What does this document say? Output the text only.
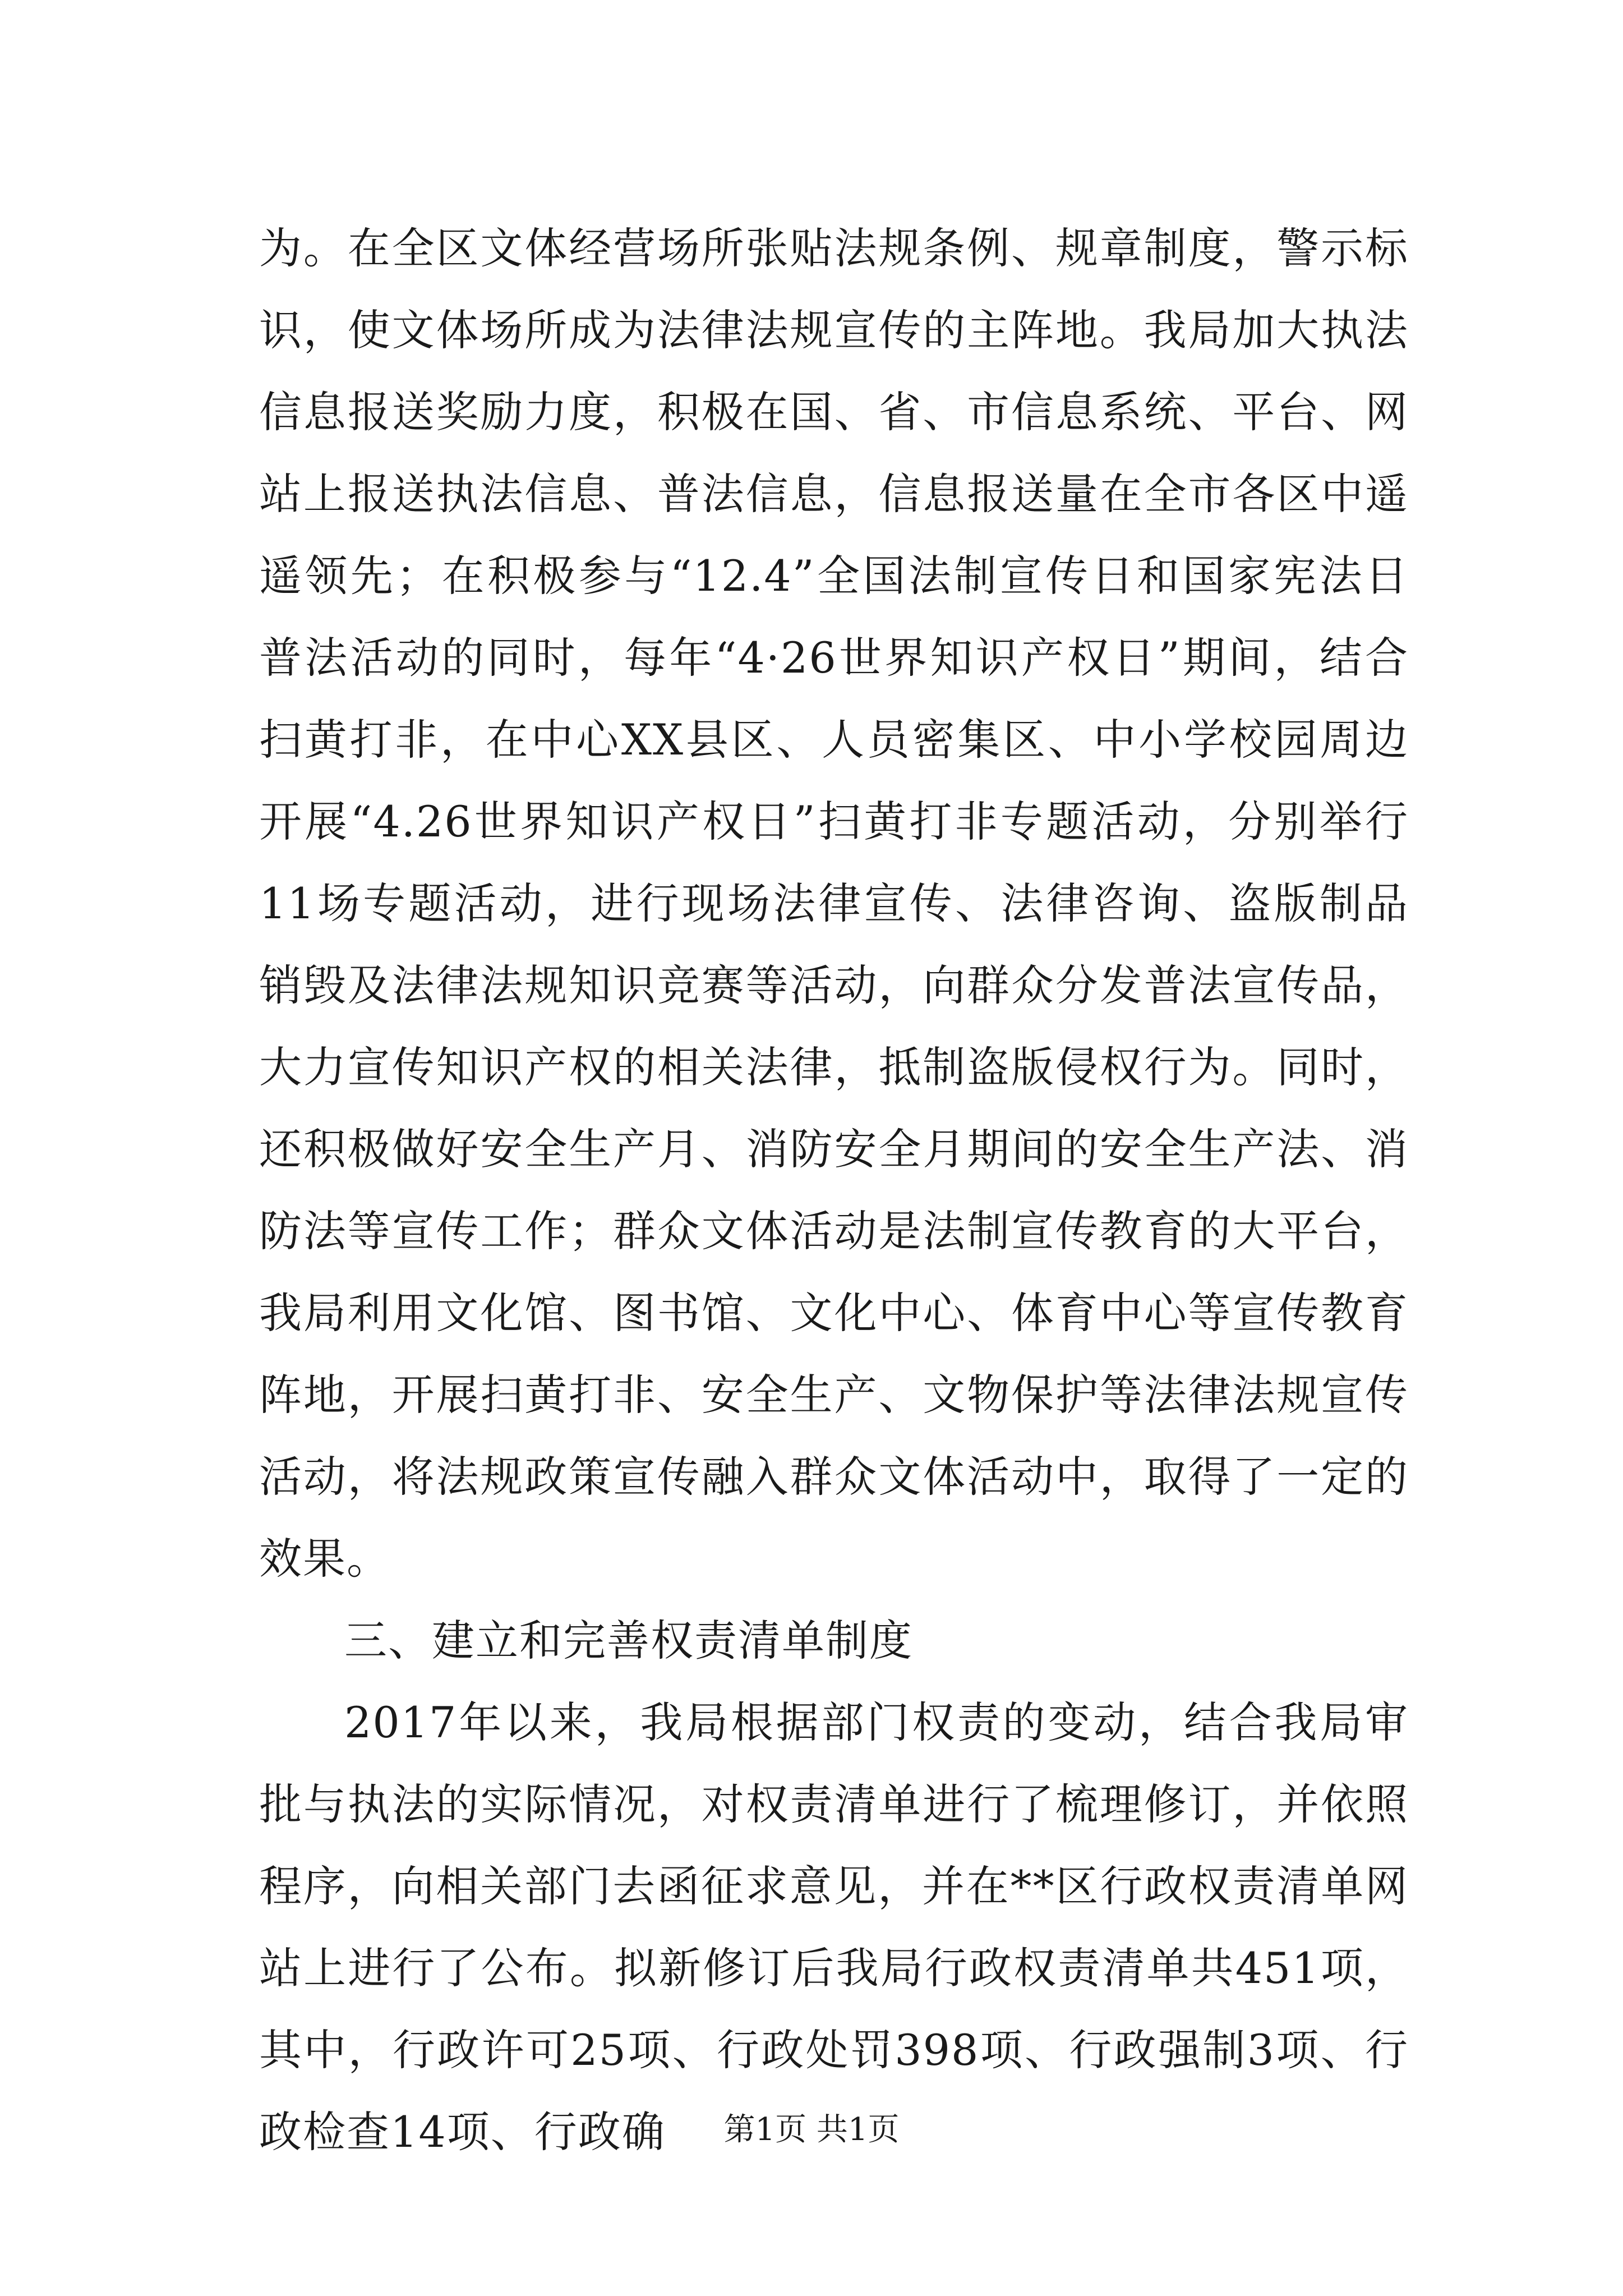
为。在全区文体经营场所张贴法规条例、规章制度，警示标识，使文体场所成为法律法规宣传的主阵地。我局加大执法信息报送奖励力度，积极在国、省、市信息系统、平台、网站上报送执法信息、普法信息，信息报送量在全市各区中遥遥领先；在积极参与“12.4”全国法制宣传日和国家宪法日普法活动的同时，每年“4·26世界知识产权日”期间，结合扫黄打非，在中心XX县区、人员密集区、中小学校园周边开展“4.26世界知识产权日”扫黄打非专题活动，分别举行11场专题活动，进行现场法律宣传、法律咨询、盗版制品销毁及法律法规知识竞赛等活动，向群众分发普法宣传品，大力宣传知识产权的相关法律，抵制盗版侵权行为。同时，还积极做好安全生产月、消防安全月期间的安全生产法、消防法等宣传工作；群众文体活动是法制宣传教育的大平台，我局利用文化馆、图书馆、文化中心、体育中心等宣传教育阵地，开展扫黄打非、安全生产、文物保护等法律法规宣传活动，将法规政策宣传融入群众文体活动中，取得了一定的效果。

三、建立和完善权责清单制度

2017年以来，我局根据部门权责的变动，结合我局审批与执法的实际情况，对权责清单进行了梳理修订，并依照程序，向相关部门去函征求意见，并在**区行政权责清单网站上进行了公布。拟新修订后我局行政权责清单共451项，其中，行政许可25项、行政处罚398项、行政强制3项、行政检查14项、行政确	第1页 共1页
